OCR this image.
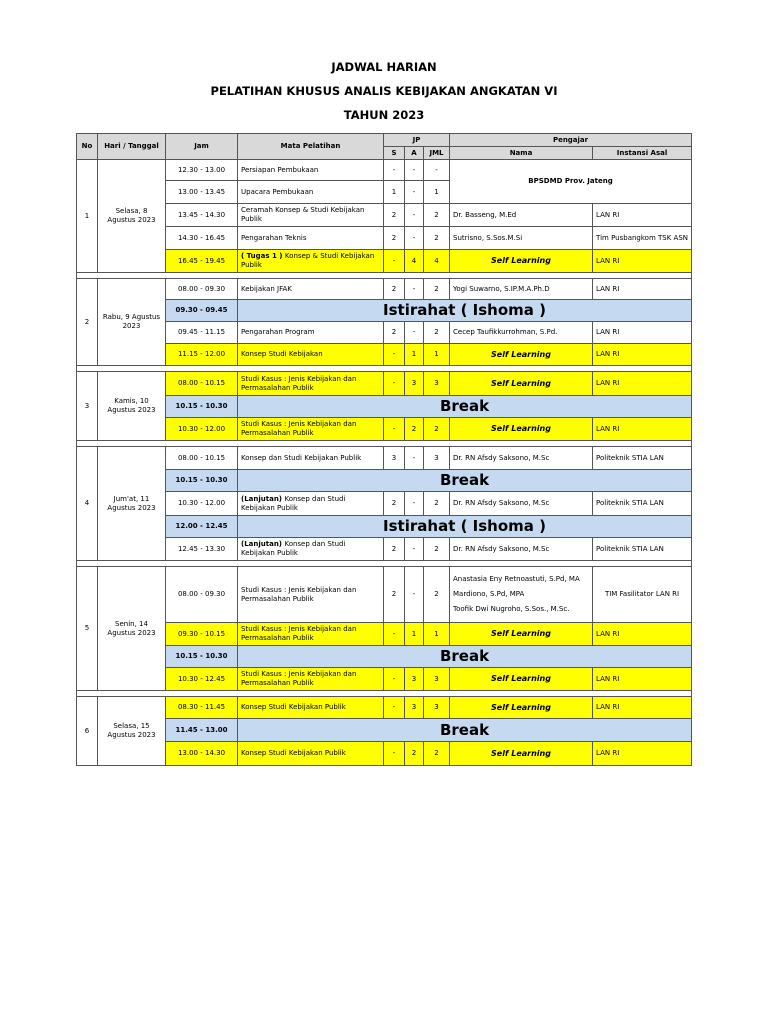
JADWAL HARIAN
PELATIHAN KHUSUS ANALIS KEBIJAKAN ANGKATAN VI
TAHUN 2023
No	Hari / Tanggal	Jam	Mata Pelatihan	JP			Pengajar	
				S	A	JML	Nama	Instansi Asal
1	Selasa, 8 Agustus 2023	12.30 - 13.00	Persiapan Pembukaan	-	-	-	BPSDMD Prov. Jateng	
		13.00 - 13.45	Upacara Pembukaan	1	-	1		
		13.45 - 14.30	Ceramah Konsep & Studi Kebijakan Publik	2	-	2	Dr. Basseng, M.Ed	LAN RI
		14.30 - 16.45	Pengarahan Teknis	2	-	2	Sutrisno, S.Sos.M.Si	Tim Pusbangkom TSK ASN
		16.45 - 19.45	( Tugas 1 ) Konsep & Studi Kebijakan Publik	-	4	4	Self Learning	LAN RI

2	Rabu, 9 Agustus 2023	08.00 - 09.30	Kebijakan JFAK	2	-	2	Yogi Suwarno, S.IP.M.A.Ph.D	LAN RI
		09.30 - 09.45	Istirahat ( Ishoma )					
		09.45 - 11.15	Pengarahan Program	2	-	2	Cecep Taufikkurrohman, S.Pd.	LAN RI
		11.15 - 12.00	Konsep Studi Kebijakan	-	1	1	Self Learning	LAN RI

3	Kamis, 10 Agustus 2023	08.00 - 10.15	Studi Kasus : Jenis Kebijakan dan Permasalahan Publik	-	3	3	Self Learning	LAN RI
		10.15 - 10.30	Break					
		10.30 - 12.00	Studi Kasus : Jenis Kebijakan dan Permasalahan Publik	-	2	2	Self Learning	LAN RI

4	Jum'at, 11 Agustus 2023	08.00 - 10.15	Konsep dan Studi Kebijakan Publik	3	-	3	Dr. RN Afsdy Saksono, M.Sc	Politeknik STIA LAN
		10.15 - 10.30	Break					
		10.30 - 12.00	(Lanjutan) Konsep dan Studi Kebijakan Publik	2	-	2	Dr. RN Afsdy Saksono, M.Sc	Politeknik STIA LAN
		12.00 - 12.45	Istirahat ( Ishoma )					
		12.45 - 13.30	(Lanjutan) Konsep dan Studi Kebijakan Publik	2	-	2	Dr. RN Afsdy Saksono, M.Sc	Politeknik STIA LAN

5	Senin, 14 Agustus 2023	08.00 - 09.30	Studi Kasus : Jenis Kebijakan dan Permasalahan Publik	2	-	2	Anastasia Eny Retnoastuti, S.Pd, MA
Mardiono, S.Pd, MPA
Toofik Dwi Nugroho, S.Sos., M.Sc.	TIM Fasilitator LAN RI
		09.30 - 10.15	Studi Kasus : Jenis Kebijakan dan Permasalahan Publik	-	1	1	Self Learning	LAN RI
		10.15 - 10.30	Break					
		10.30 - 12.45	Studi Kasus : Jenis Kebijakan dan Permasalahan Publik	-	3	3	Self Learning	LAN RI

6	Selasa, 15 Agustus 2023	08.30 - 11.45	Konsep Studi Kebijakan Publik	-	3	3	Self Learning	LAN RI
		11.45 - 13.00	Break					
		13.00 - 14.30	Konsep Studi Kebijakan Publik	-	2	2	Self Learning	LAN RI
